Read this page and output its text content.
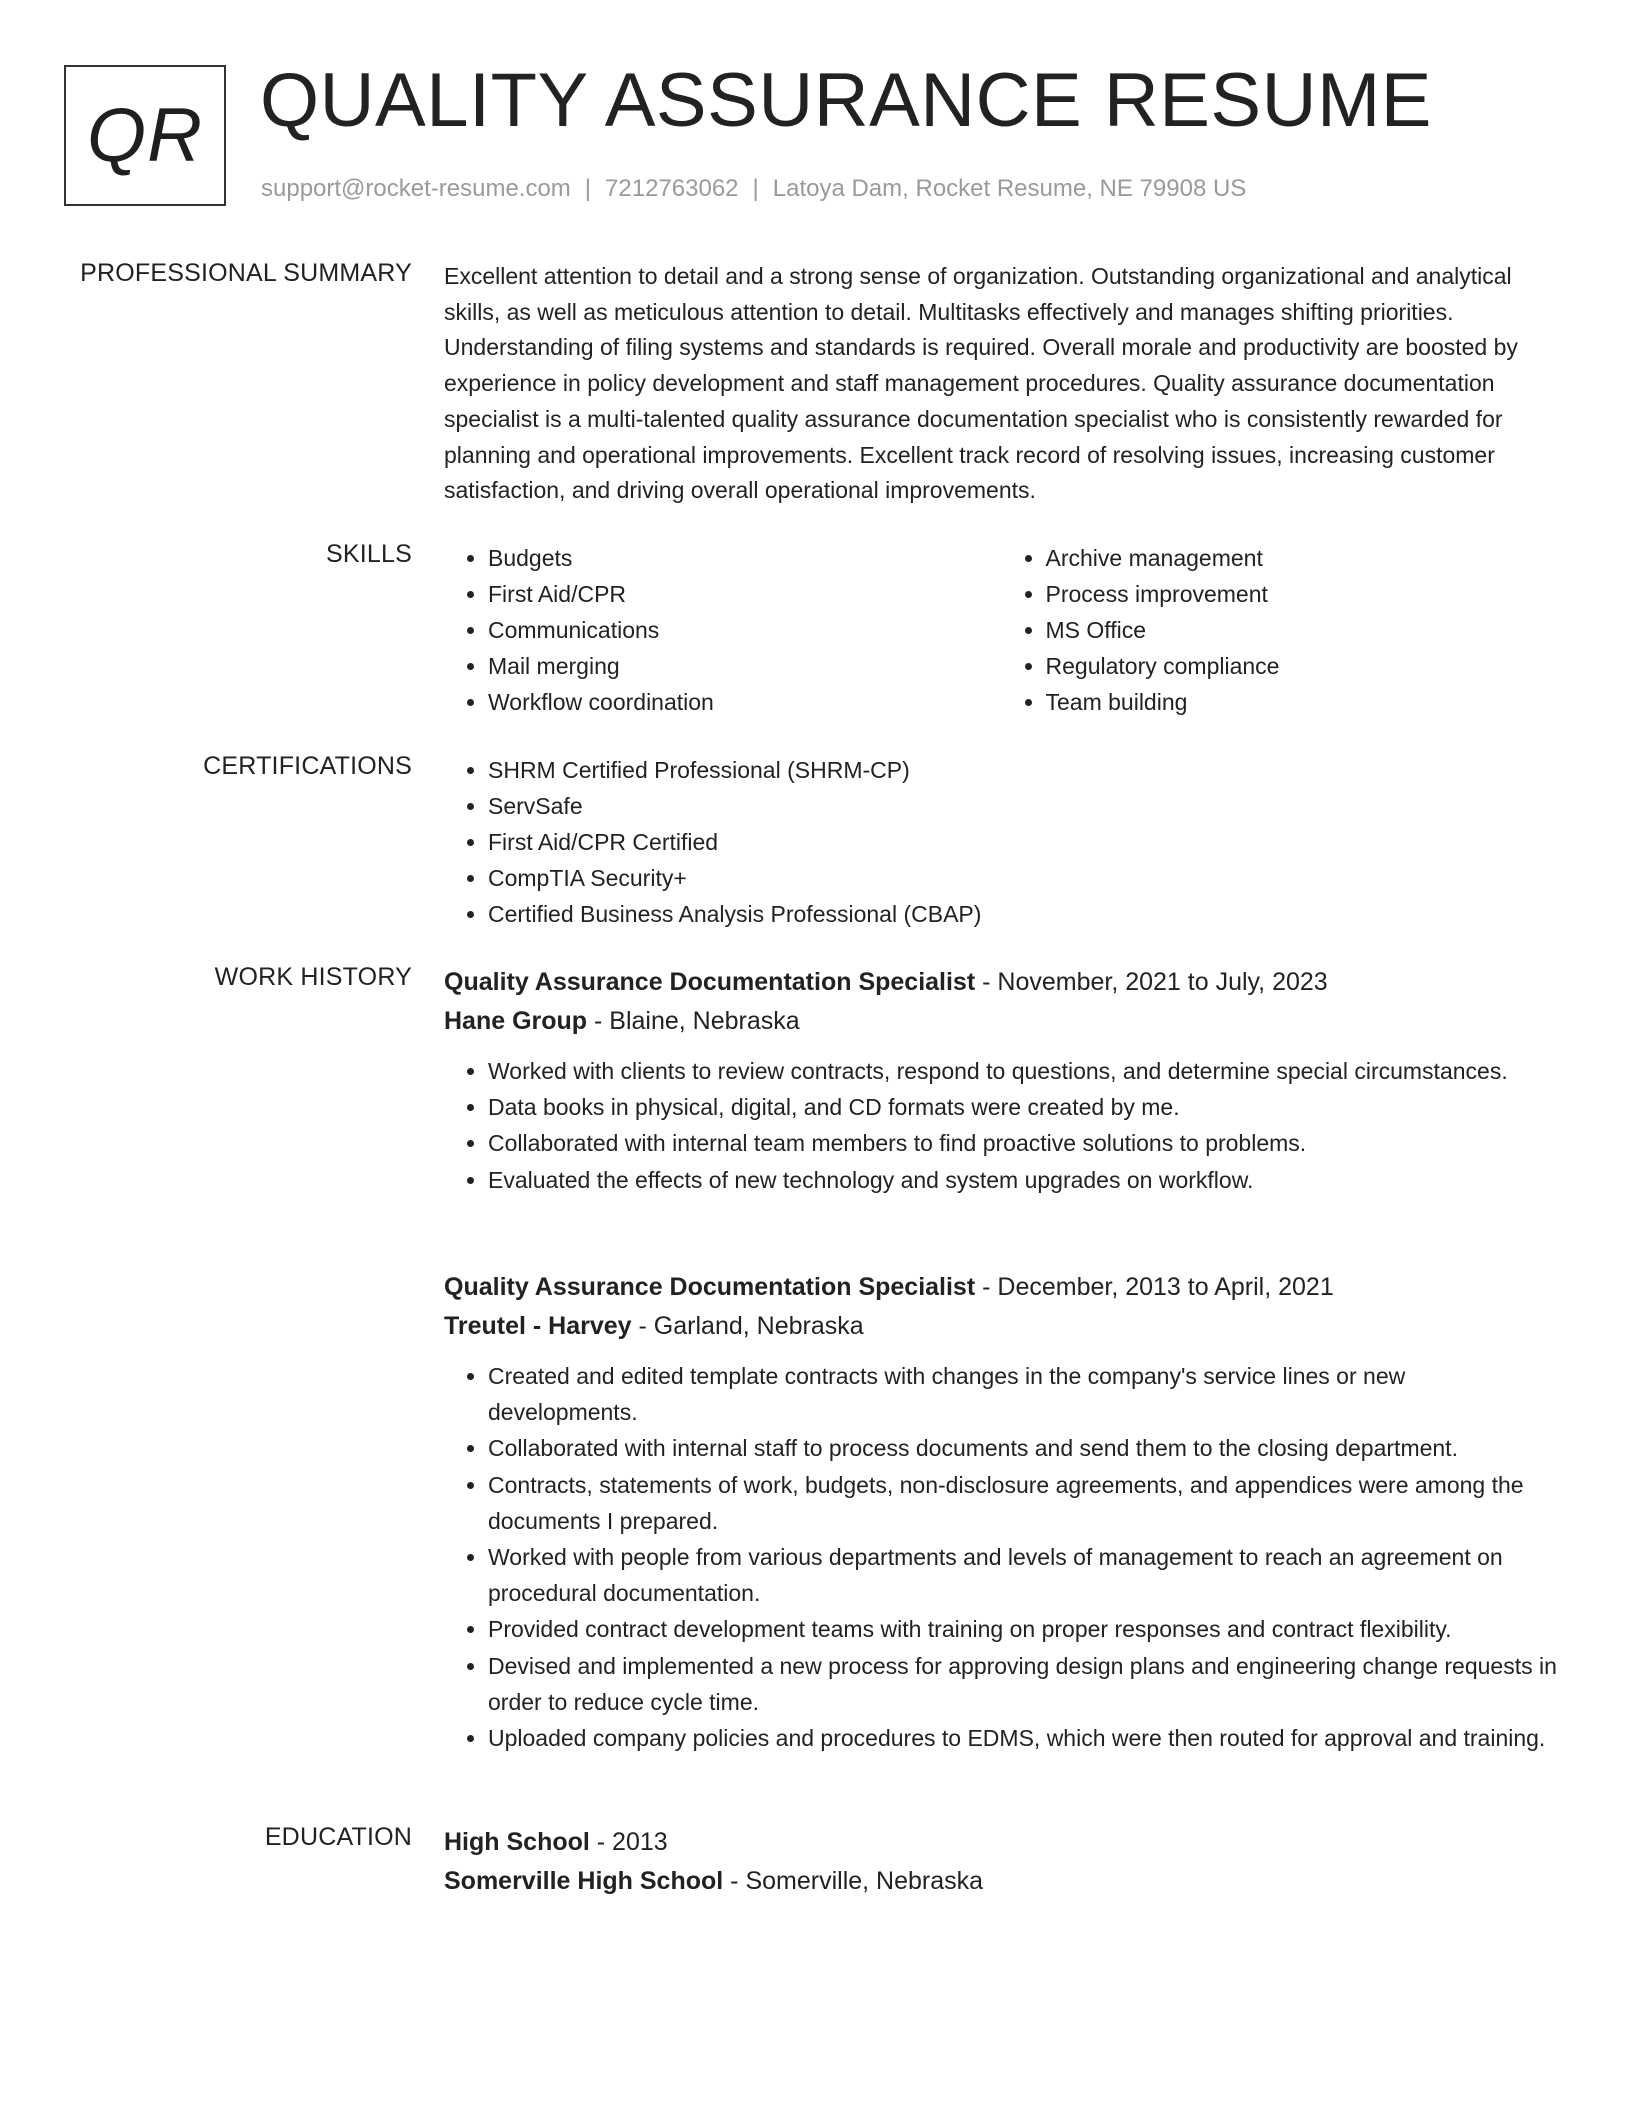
QR QUALITY ASSURANCE RESUME
support@rocket-resume.com | 7212763062 | Latoya Dam, Rocket Resume, NE 79908 US
PROFESSIONAL SUMMARY Excellent attention to detail and a strong sense of organization. Outstanding organizational and analytical skills, as well as meticulous attention to detail. Multitasks effectively and manages shifting priorities. Understanding of filing systems and standards is required. Overall morale and productivity are boosted by experience in policy development and staff management procedures. Quality assurance documentation specialist is a multi-talented quality assurance documentation specialist who is consistently rewarded for planning and operational improvements. Excellent track record of resolving issues, increasing customer satisfaction, and driving overall operational improvements.

SKILLS	• Budgets
• First Aid/CPR
• Communications
• Mail merging
• Workflow coordination
• Archive management
• Process improvement
• MS Office
• Regulatory compliance
• Team building
CERTIFICATIONS	• SHRM Certified Professional (SHRM-CP)
• ServSafe
• First Aid/CPR Certified
• CompTIA Security+
• Certified Business Analysis Professional (CBAP)
WORK HISTORY Quality Assurance Documentation Specialist - November, 2021 to July, 2023
Hane Group - Blaine, Nebraska
• Worked with clients to review contracts, respond to questions, and determine special circumstances.
• Data books in physical, digital, and CD formats were created by me.
• Collaborated with internal team members to find proactive solutions to problems.
• Evaluated the effects of new technology and system upgrades on workflow.
Quality Assurance Documentation Specialist - December, 2013 to April, 2021
Treutel - Harvey - Garland, Nebraska
• Created and edited template contracts with changes in the company's service lines or new developments.
• Collaborated with internal staff to process documents and send them to the closing department.
• Contracts, statements of work, budgets, non-disclosure agreements, and appendices were among the documents I prepared.
• Worked with people from various departments and levels of management to reach an agreement on procedural documentation.
• Provided contract development teams with training on proper responses and contract flexibility.
• Devised and implemented a new process for approving design plans and engineering change requests in order to reduce cycle time.
• Uploaded company policies and procedures to EDMS, which were then routed for approval and training.
EDUCATION High School - 2013
Somerville High School - Somerville, Nebraska
